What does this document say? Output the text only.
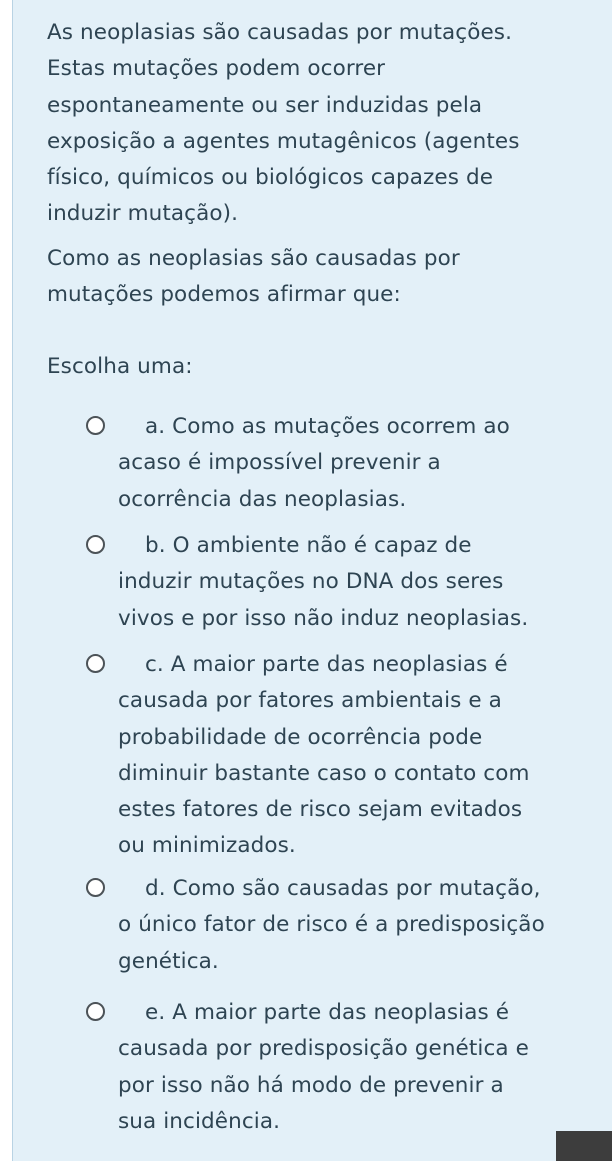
As neoplasias são causadas por mutações.
Estas mutações podem ocorrer
espontaneamente ou ser induzidas pela
exposição a agentes mutagênicos (agentes
físico, químicos ou biológicos capazes de
induzir mutação).
Como as neoplasias são causadas por
mutações podemos afirmar que:
Escolha uma:
a. Como as mutações ocorrem ao
acaso é impossível prevenir a
ocorrência das neoplasias.
b. O ambiente não é capaz de
induzir mutações no DNA dos seres
vivos e por isso não induz neoplasias.
c. A maior parte das neoplasias é
causada por fatores ambientais e a
probabilidade de ocorrência pode
diminuir bastante caso o contato com
estes fatores de risco sejam evitados
ou minimizados.
d. Como são causadas por mutação,
o único fator de risco é a predisposição
genética.
e. A maior parte das neoplasias é
causada por predisposição genética e
por isso não há modo de prevenir a
sua incidência.
